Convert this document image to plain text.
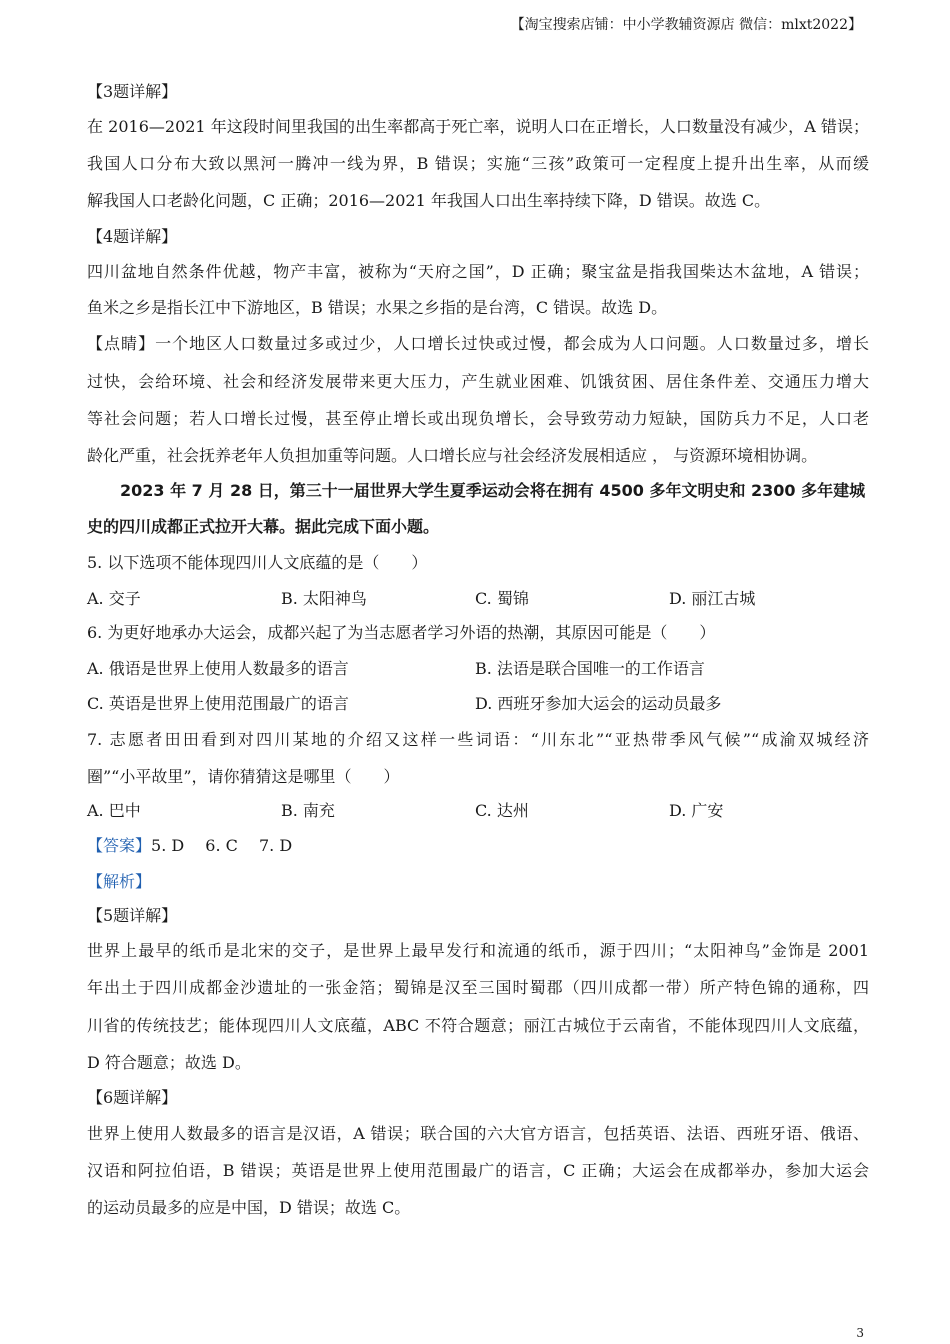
【淘宝搜索店铺：中小学教辅资源店 微信：mlxt2022】
【3题详解】
在 2016—2021 年这段时间里我国的出生率都高于死亡率，说明人口在正增长，人口数量没有减少，A 错误；
我国人口分布大致以黑河一腾冲一线为界，B 错误；实施“三孩”政策可一定程度上提升出生率，从而缓
解我国人口老龄化问题，C 正确；2016—2021 年我国人口出生率持续下降，D 错误。故选 C。
【4题详解】
四川盆地自然条件优越，物产丰富，被称为“天府之国”，D 正确；聚宝盆是指我国柴达木盆地，A 错误；
鱼米之乡是指长江中下游地区，B 错误；水果之乡指的是台湾，C 错误。故选 D。
【点睛】一个地区人口数量过多或过少，人口增长过快或过慢，都会成为人口问题。人口数量过多，增长
过快，会给环境、社会和经济发展带来更大压力，产生就业困难、饥饿贫困、居住条件差、交通压力增大
等社会问题；若人口增长过慢，甚至停止增长或出现负增长，会导致劳动力短缺，国防兵力不足，人口老
龄化严重，社会抚养老年人负担加重等问题。人口增长应与社会经济发展相适应 ， 与资源环境相协调。
2023 年 7 月 28 日，第三十一届世界大学生夏季运动会将在拥有 4500 多年文明史和 2300 多年建城
史的四川成都正式拉开大幕。据此完成下面小题。
5. 以下选项不能体现四川人文底蕴的是（　　）
A. 交子	B. 太阳神鸟	C. 蜀锦	D. 丽江古城
6. 为更好地承办大运会，成都兴起了为当志愿者学习外语的热潮，其原因可能是（　　）
A. 俄语是世界上使用人数最多的语言	B. 法语是联合国唯一的工作语言
C. 英语是世界上使用范围最广的语言	D. 西班牙参加大运会的运动员最多
7. 志愿者田田看到对四川某地的介绍又这样一些词语：“川东北”“亚热带季风气候”“成渝双城经济
圈”“小平故里”，请你猜猜这是哪里（　　）
A. 巴中	B. 南充	C. 达州	D. 广安
【答案】5. D　 6. C　 7. D
【解析】
【5题详解】
世界上最早的纸币是北宋的交子，是世界上最早发行和流通的纸币，源于四川；“太阳神鸟”金饰是 2001
年出土于四川成都金沙遗址的一张金箔；蜀锦是汉至三国时蜀郡（四川成都一带）所产特色锦的通称，四
川省的传统技艺；能体现四川人文底蕴，ABC 不符合题意；丽江古城位于云南省，不能体现四川人文底蕴，
D 符合题意；故选 D。
【6题详解】
世界上使用人数最多的语言是汉语，A 错误；联合国的六大官方语言，包括英语、法语、西班牙语、俄语、
汉语和阿拉伯语，B 错误；英语是世界上使用范围最广的语言，C 正确；大运会在成都举办，参加大运会
的运动员最多的应是中国，D 错误；故选 C。
3
